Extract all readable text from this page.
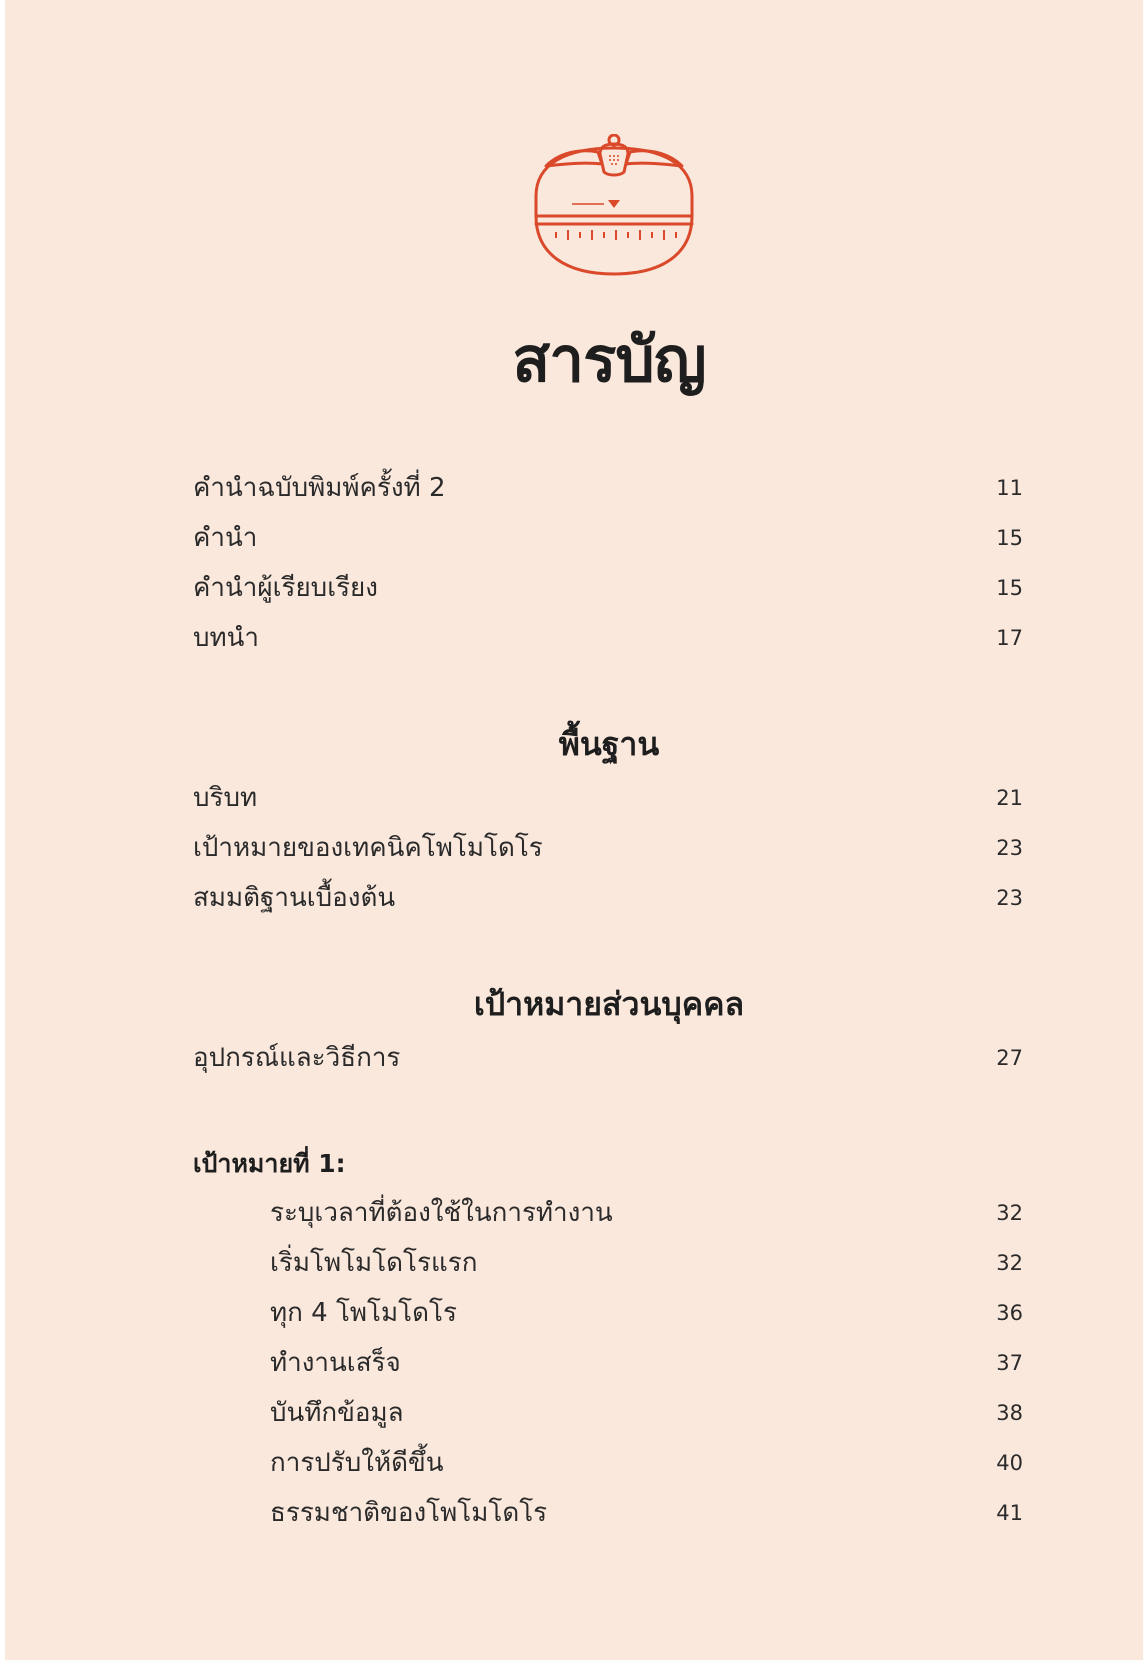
สารบัญ
คำนำฉบับพิมพ์ครั้งที่ 2	11
คำนำ	15
คำนำผู้เรียบเรียง	15
บทนำ	17
พื้นฐาน
บริบท	21
เป้าหมายของเทคนิคโพโมโดโร	23
สมมติฐานเบื้องต้น	23
เป้าหมายส่วนบุคคล
อุปกรณ์และวิธีการ	27
เป้าหมายที่ 1:
ระบุเวลาที่ต้องใช้ในการทำงาน	32
เริ่มโพโมโดโรแรก	32
ทุก 4 โพโมโดโร	36
ทำงานเสร็จ	37
บันทึกข้อมูล	38
การปรับให้ดีขึ้น	40
ธรรมชาติของโพโมโดโร	41
